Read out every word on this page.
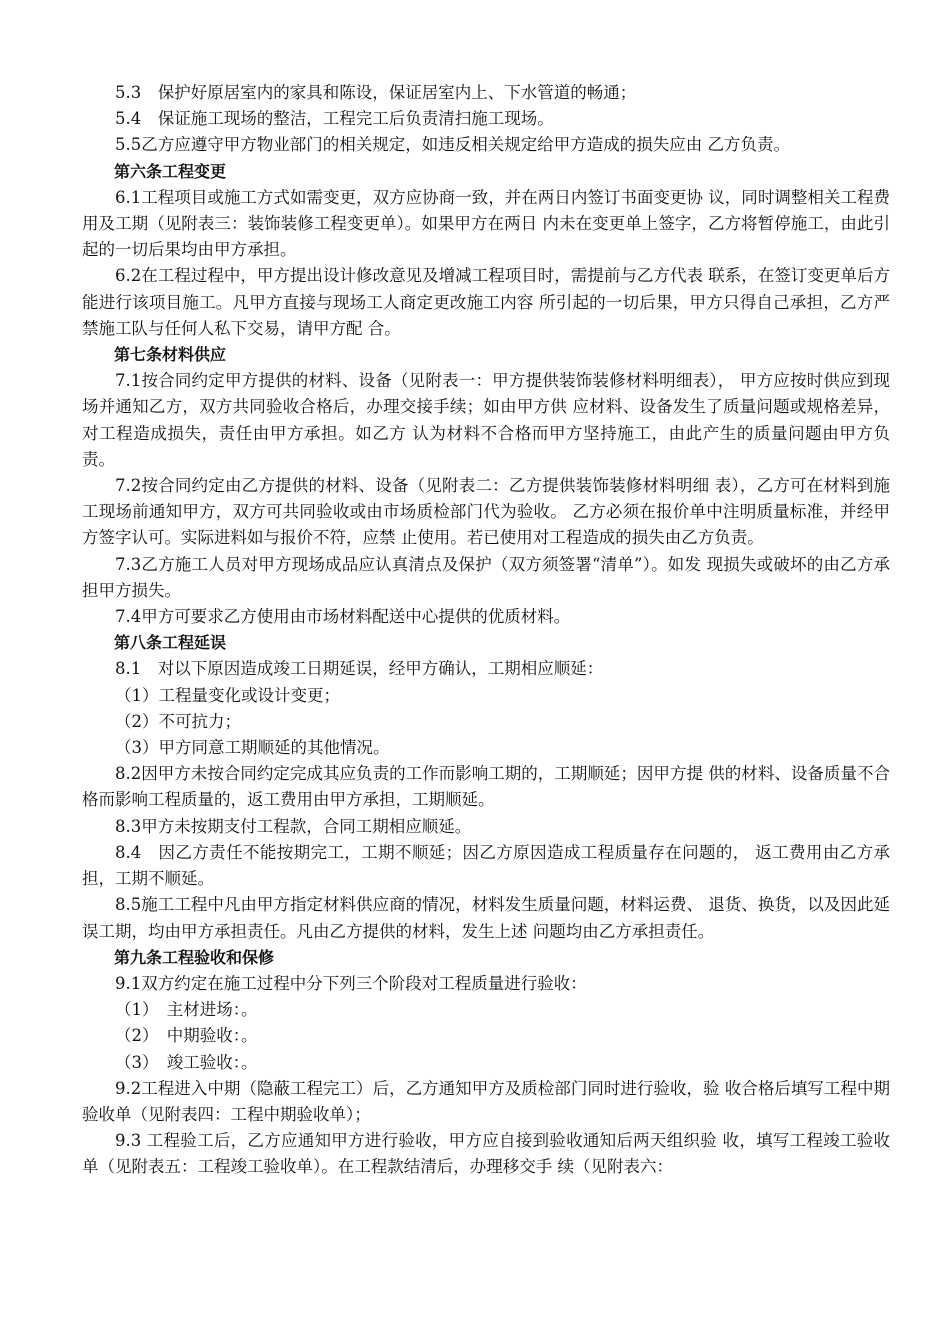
5.3　保护好原居室内的家具和陈设，保证居室内上、下水管道的畅通；

5.4　保证施工现场的整洁，工程完工后负责清扫施工现场。

5.5乙方应遵守甲方物业部门的相关规定，如违反相关规定给甲方造成的损失应由 乙方负责。

第六条工程变更

6.1工程项目或施工方式如需变更，双方应协商一致，并在两日内签订书面变更协 议，同时调整相关工程费用及工期（见附表三：装饰装修工程变更单）。如果甲方在两日 内未在变更单上签字，乙方将暂停施工，由此引起的一切后果均由甲方承担。

6.2在工程过程中，甲方提出设计修改意见及增减工程项目时，需提前与乙方代表 联系，在签订变更单后方能进行该项目施工。凡甲方直接与现场工人商定更改施工内容 所引起的一切后果，甲方只得自己承担，乙方严禁施工队与任何人私下交易，请甲方配 合。

第七条材料供应

7.1按合同约定甲方提供的材料、设备（见附表一：甲方提供装饰装修材料明细表）， 甲方应按时供应到现场并通知乙方，双方共同验收合格后，办理交接手续；如由甲方供 应材料、设备发生了质量问题或规格差异，对工程造成损失，责任由甲方承担。如乙方 认为材料不合格而甲方坚持施工，由此产生的质量问题由甲方负责。

7.2按合同约定由乙方提供的材料、设备（见附表二：乙方提供装饰装修材料明细 表），乙方可在材料到施工现场前通知甲方，双方可共同验收或由市场质检部门代为验收。 乙方必须在报价单中注明质量标准，并经甲方签字认可。实际进料如与报价不符，应禁 止使用。若已使用对工程造成的损失由乙方负责。

7.3乙方施工人员对甲方现场成品应认真清点及保护（双方须签署“清单”）。如发 现损失或破坏的由乙方承担甲方损失。

7.4甲方可要求乙方使用由市场材料配送中心提供的优质材料。

第八条工程延误

8.1　对以下原因造成竣工日期延误，经甲方确认，工期相应顺延：

（1）工程量变化或设计变更；

（2）不可抗力；

（3）甲方同意工期顺延的其他情况。

8.2因甲方未按合同约定完成其应负责的工作而影响工期的，工期顺延；因甲方提 供的材料、设备质量不合格而影响工程质量的，返工费用由甲方承担，工期顺延。

8.3甲方未按期支付工程款，合同工期相应顺延。

8.4　因乙方责任不能按期完工，工期不顺延；因乙方原因造成工程质量存在问题的， 返工费用由乙方承担，工期不顺延。

8.5施工工程中凡由甲方指定材料供应商的情况，材料发生质量问题，材料运费、 退货、换货，以及因此延误工期，均由甲方承担责任。凡由乙方提供的材料，发生上述 问题均由乙方承担责任。

第九条工程验收和保修

9.1双方约定在施工过程中分下列三个阶段对工程质量进行验收：

（1）　主材进场：。

（2）　中期验收：。

（3）　竣工验收：。

9.2工程进入中期（隐蔽工程完工）后，乙方通知甲方及质检部门同时进行验收，验 收合格后填写工程中期验收单（见附表四：工程中期验收单）；

9.3 工程验工后，乙方应通知甲方进行验收，甲方应自接到验收通知后两天组织验 收，填写工程竣工验收单（见附表五：工程竣工验收单）。在工程款结清后，办理移交手 续（见附表六：
